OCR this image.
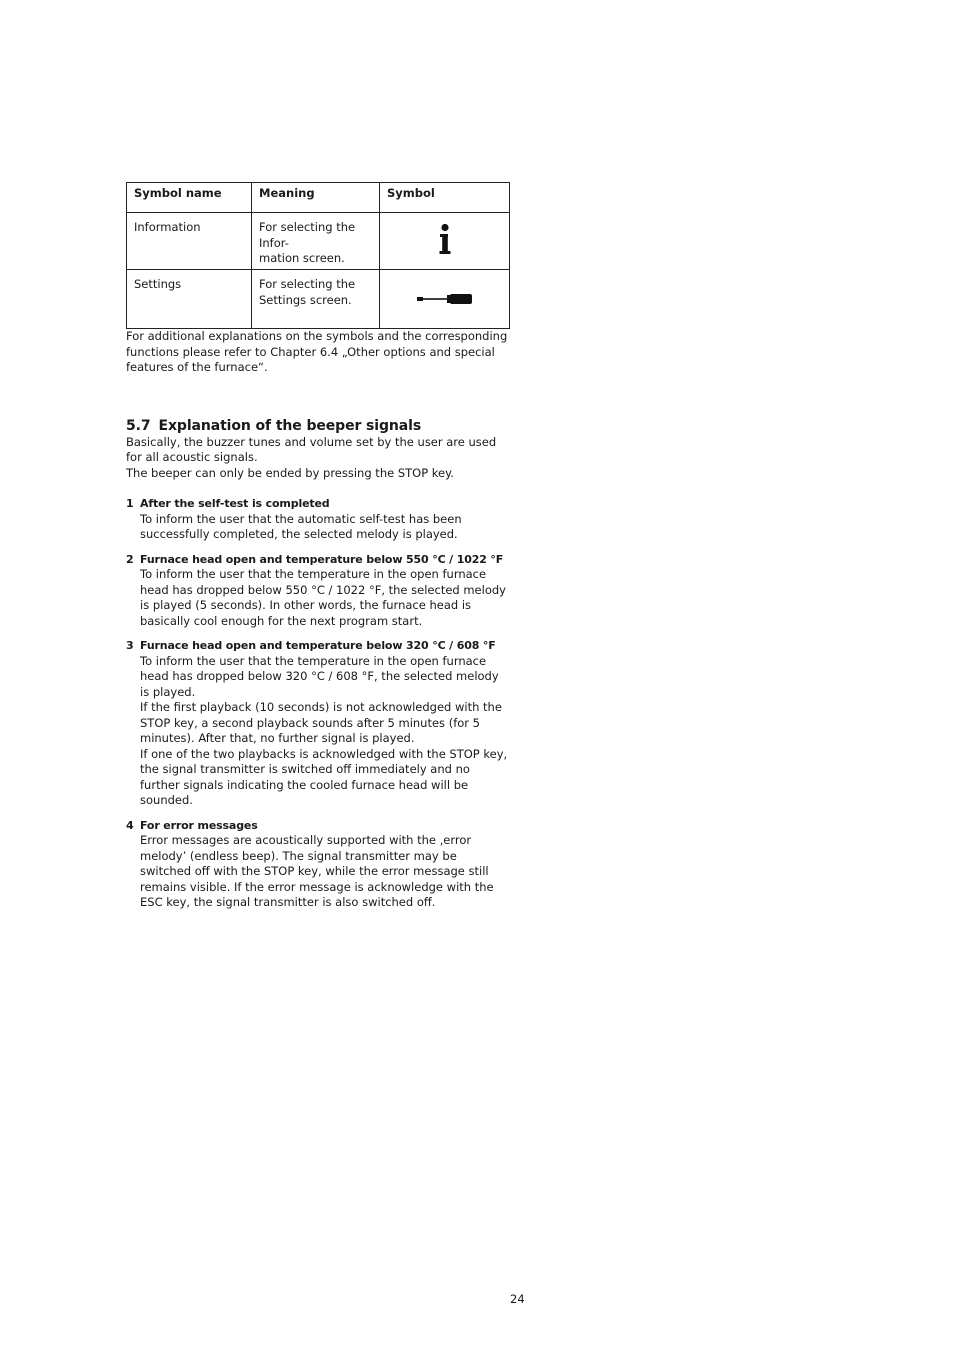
Symbol name	Meaning	Symbol
Information	For selecting the Infor-
mation screen.	

Settings	For selecting the
Settings screen.	

For additional explanations on the symbols and the corresponding functions please refer to Chapter 6.4 „Other options and special features of the furnace“.

5.7 Explanation of the beeper signals

Basically, the buzzer tunes and volume set by the user are used for all acoustic signals.

The beeper can only be ended by pressing the STOP key.

1 After the self-test is completed
To inform the user that the automatic self-test has been successfully completed, the selected melody is played.
2 Furnace head open and temperature below 550 °C / 1022 °F
To inform the user that the temperature in the open furnace head has dropped below 550 °C / 1022 °F, the selected melody is played (5 seconds). In other words, the furnace head is basically cool enough for the next program start.
3 Furnace head open and temperature below 320 °C / 608 °F
To inform the user that the temperature in the open furnace head has dropped below 320 °C / 608 °F, the selected melody is played.
If the first playback (10 seconds) is not acknowledged with the STOP key, a second playback sounds after 5 minutes (for 5 minutes). After that, no further signal is played.
If one of the two playbacks is acknowledged with the STOP key, the signal transmitter is switched off immediately and no further signals indicating the cooled furnace head will be sounded.
4 For error messages
Error messages are acoustically supported with the ‚error melody’ (endless beep). The signal transmitter may be switched off with the STOP key, while the error message still remains visible. If the error message is acknowledge with the ESC key, the signal transmitter is also switched off.
24
